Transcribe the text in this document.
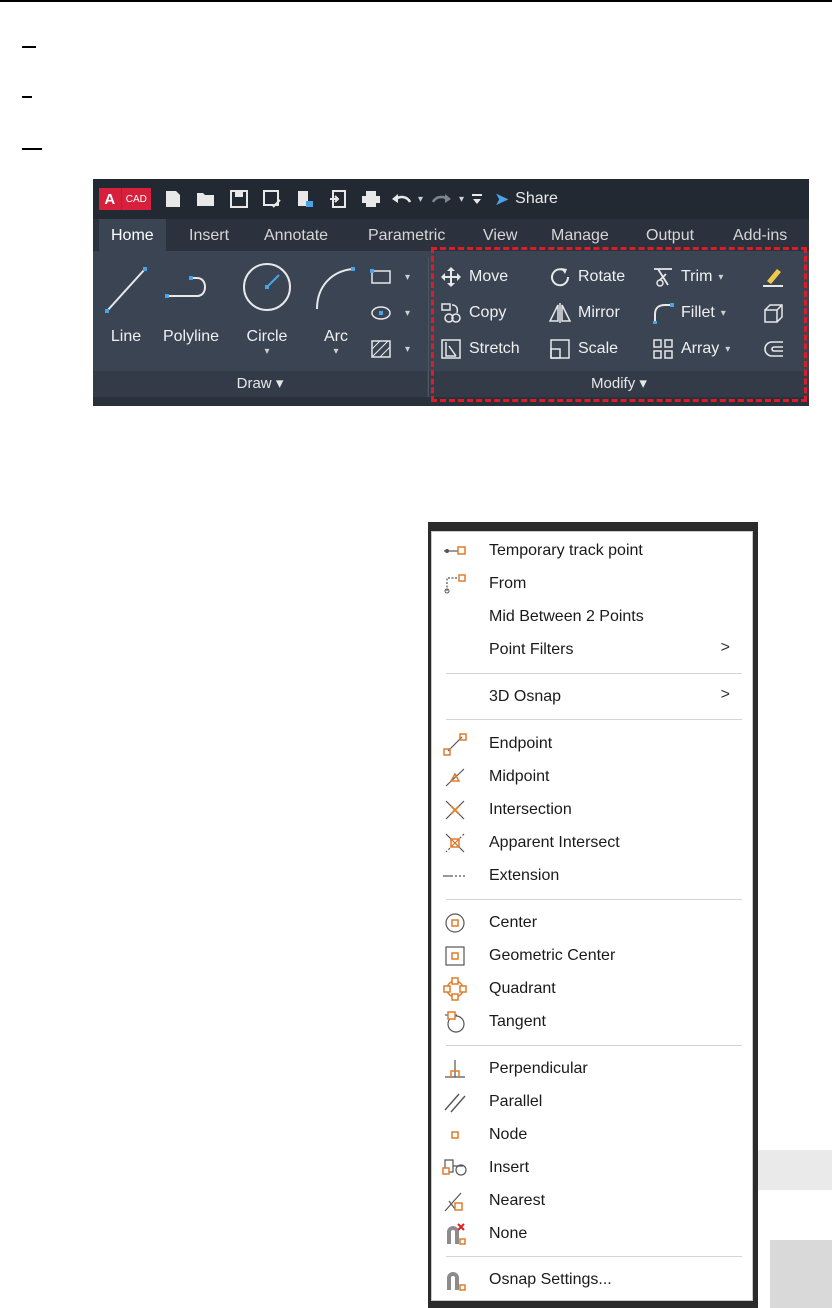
A	CAD	▾	▾ ➤ Share
Home	Insert Annotate Parametric View Manage Output Add-ins
Line	Polyline	Circle
▾
Arc
▾
▾
▾
▾
Draw ▾
Move	Rotate	Trim ▾
Copy	Mirror	Fillet ▾
Stretch	Scale	Array ▾
Modify ▾
Temporary track point
From
Mid Between 2 Points
Point Filters	>
3D Osnap	>
Endpoint
Midpoint
Intersection
Apparent Intersect
Extension
Center
Geometric Center
Quadrant
Tangent
Perpendicular
Parallel
Node
Insert
Nearest
None
Osnap Settings...
